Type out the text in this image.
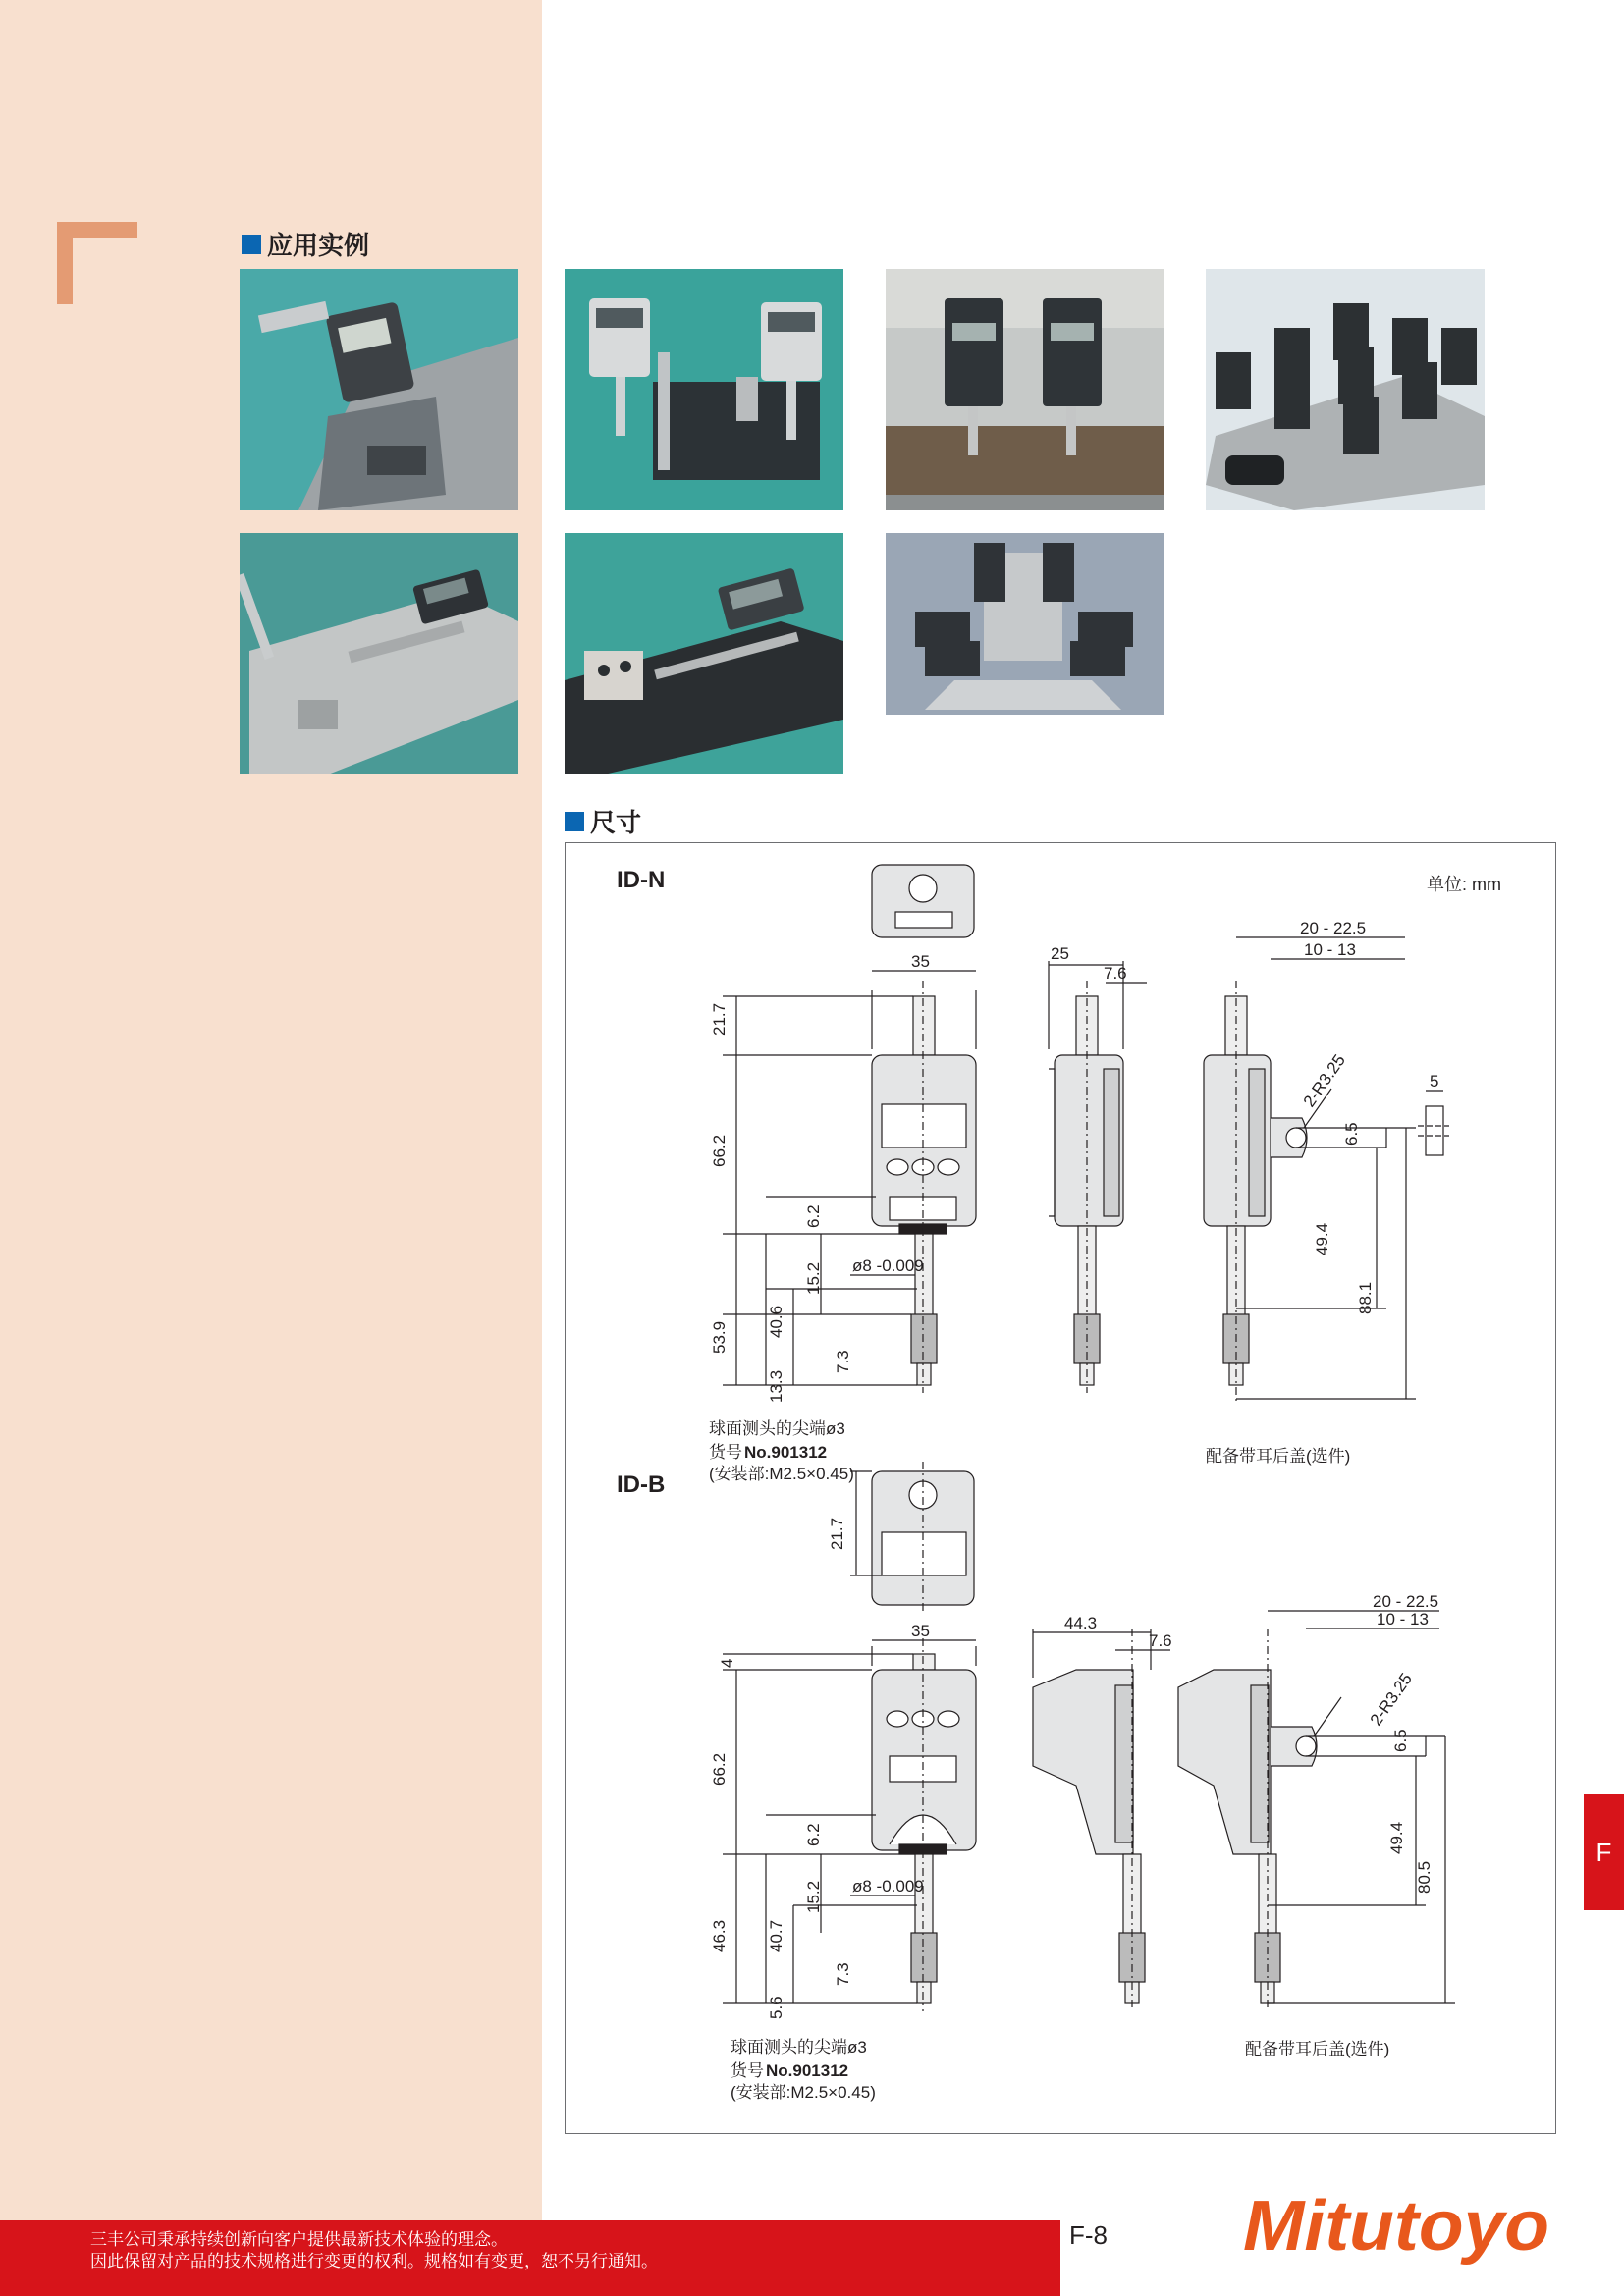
应用实例
尺寸
ID-N	单位: mm
ID-B
35
21.7
66.2
6.2
15.2 ø8 -0.009
53.9 40.6
7.3
13.3
25
7.6
20 - 22.5
10 - 13
2-R3.25
6.5
49.4
88.1
5
球面测头的尖端ø3
货号 No.901312
(安装部:M2.5×0.45)
配备带耳后盖(选件)
21.7
35
4
66.2
6.2
15.2 ø8 -0.009
46.3 40.7
7.3
5.6
44.3
7.6
20 - 22.5
10 - 13
2-R3.25
6.5
49.4
80.5
球面测头的尖端ø3
货号 No.901312
(安装部:M2.5×0.45)
配备带耳后盖(选件)
F
三丰公司秉承持续创新向客户提供最新技术体验的理念。
因此保留对产品的技术规格进行变更的权利。规格如有变更，恕不另行通知。
F-8 Mitutoyo
